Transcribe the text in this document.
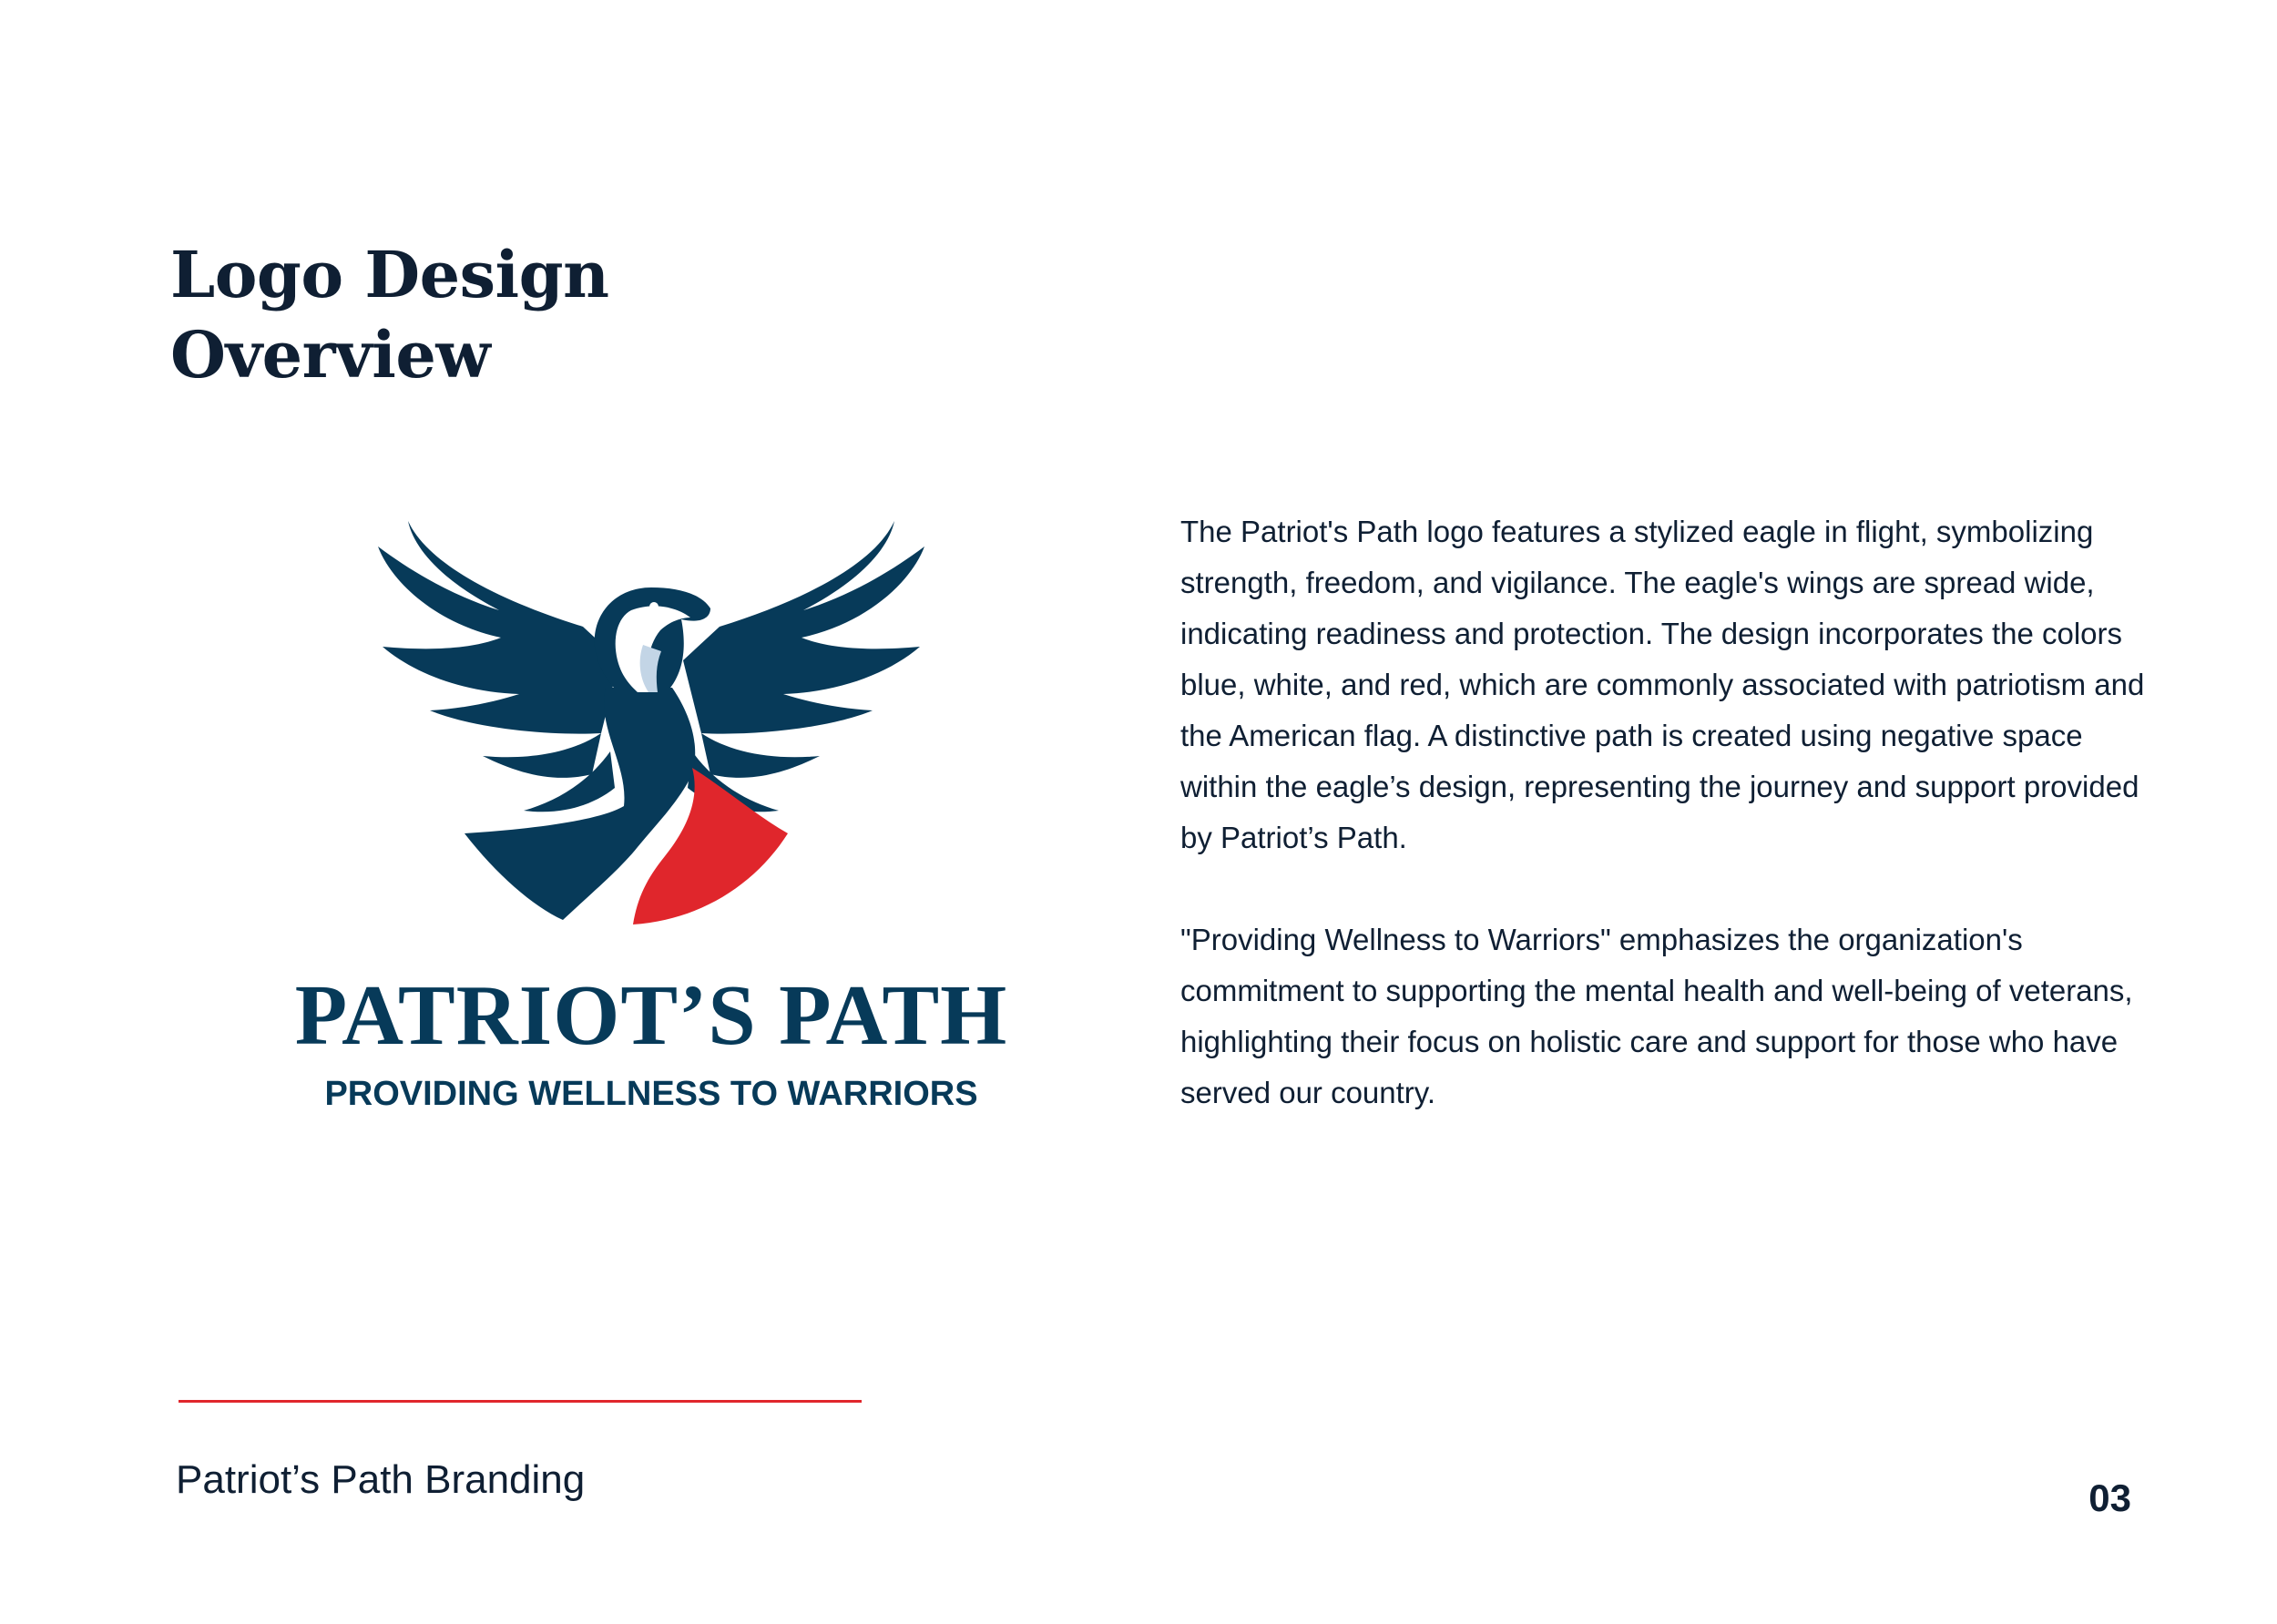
Logo Design
Overview
PATRIOT’S PATH
PROVIDING WELLNESS TO WARRIORS

The Patriot's Path logo features a stylized eagle in flight, symbolizing strength, freedom, and vigilance. The eagle's wings are spread wide, indicating readiness and protection. The design incorporates the colors blue, white, and red, which are commonly associated with patriotism and the American flag. A distinctive path is created using negative space within the eagle’s design, representing the journey and support provided by Patriot’s Path.

"Providing Wellness to Warriors" emphasizes the organization's commitment to supporting the mental health and well-being of veterans, highlighting their focus on holistic care and support for those who have served our country.

Patriot’s Path Branding	03
